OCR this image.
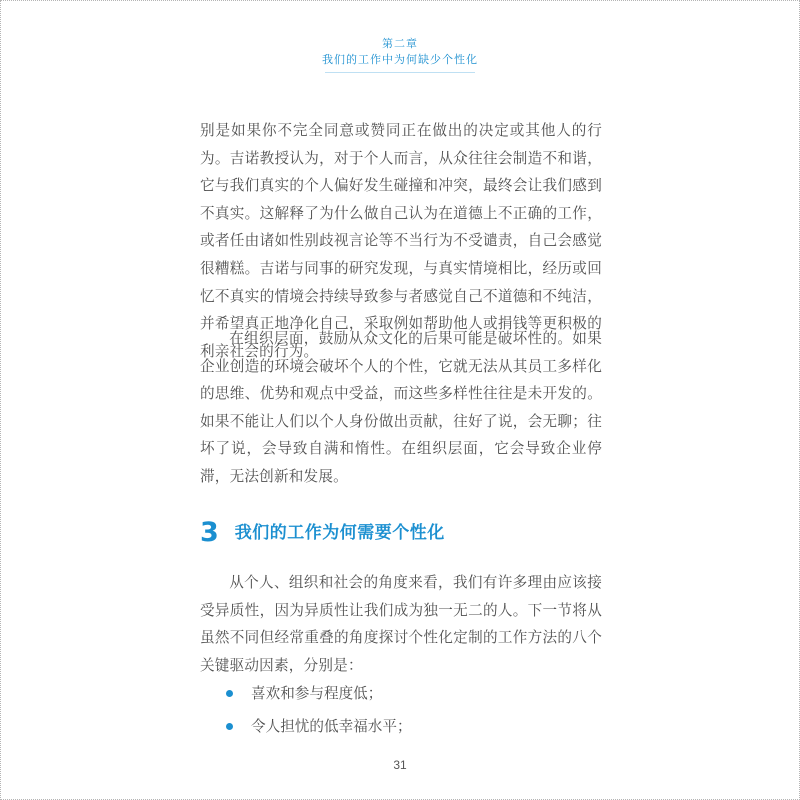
第二章
我们的工作中为何缺少个性化

别是如果你不完全同意或赞同正在做出的决定或其他人的行为。吉诺教授认为，对于个人而言，从众往往会制造不和谐，它与我们真实的个人偏好发生碰撞和冲突，最终会让我们感到不真实。这解释了为什么做自己认为在道德上不正确的工作，或者任由诸如性别歧视言论等不当行为不受谴责，自己会感觉很糟糕。吉诺与同事的研究发现，与真实情境相比，经历或回忆不真实的情境会持续导致参与者感觉自己不道德和不纯洁，并希望真正地净化自己，采取例如帮助他人或捐钱等更积极的利亲社会的行为。

在组织层面，鼓励从众文化的后果可能是破坏性的。如果企业创造的环境会破坏个人的个性，它就无法从其员工多样化的思维、优势和观点中受益，而这些多样性往往是未开发的。如果不能让人们以个人身份做出贡献，往好了说，会无聊；往坏了说，会导致自满和惰性。在组织层面，它会导致企业停滞，无法创新和发展。

3 我们的工作为何需要个性化

从个人、组织和社会的角度来看，我们有许多理由应该接受异质性，因为异质性让我们成为独一无二的人。下一节将从虽然不同但经常重叠的角度探讨个性化定制的工作方法的八个关键驱动因素，分别是：

喜欢和参与程度低；
令人担忧的低幸福水平；
31
